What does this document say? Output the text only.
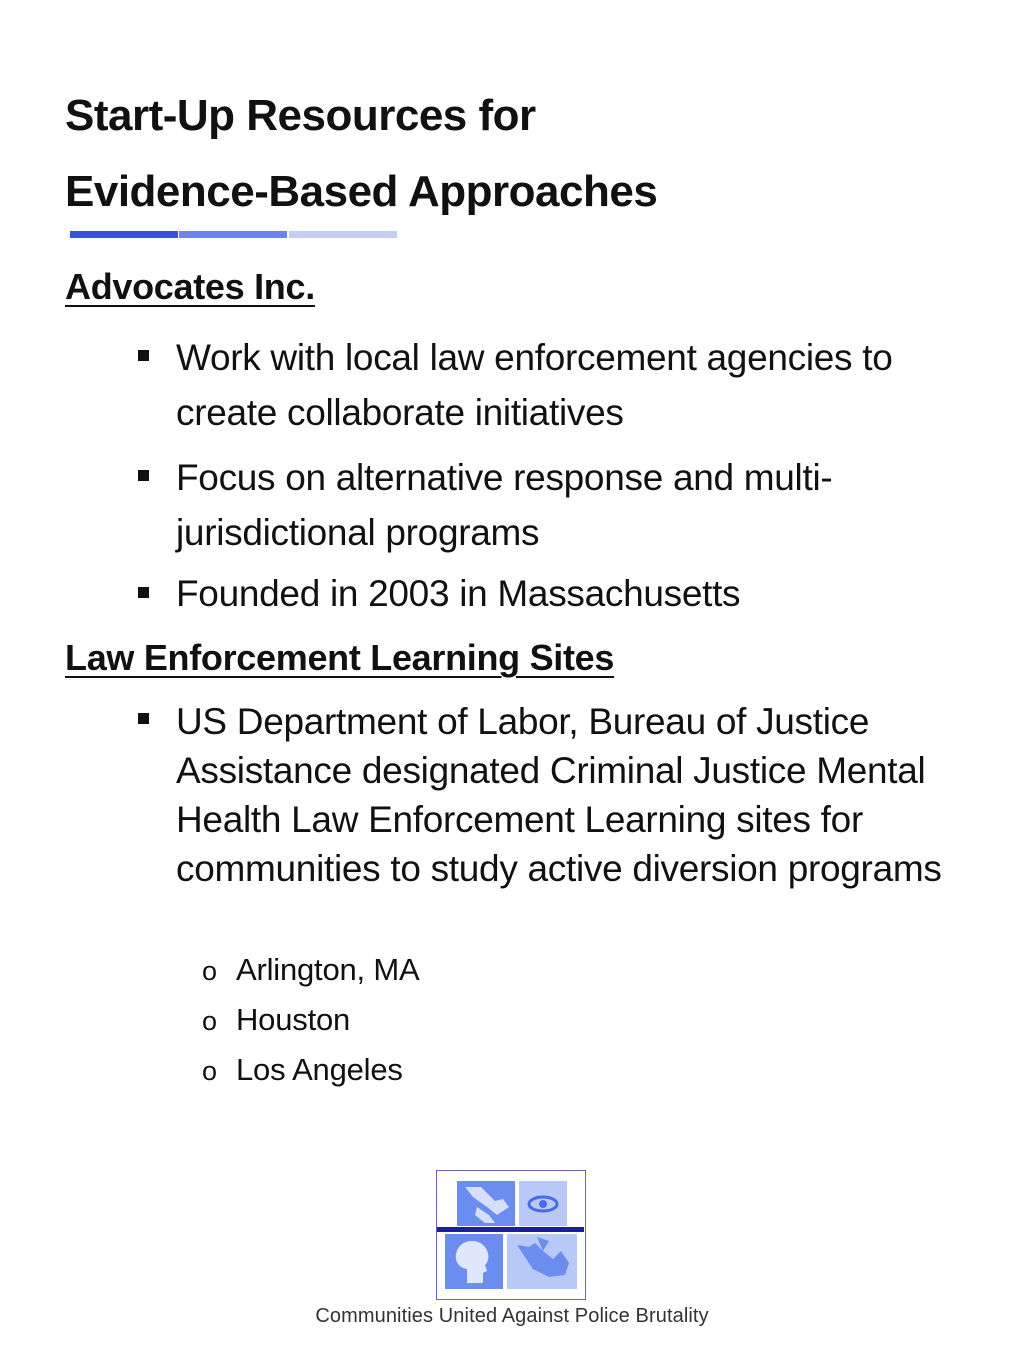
Start-Up Resources for
Evidence-Based Approaches
Advocates Inc.
Work with local law enforcement agencies to create collaborate initiatives
Focus on alternative response and multi-jurisdictional programs
Founded in 2003 in Massachusetts
Law Enforcement Learning Sites
US Department of Labor, Bureau of Justice Assistance designated Criminal Justice Mental Health Law Enforcement Learning sites for communities to study active diversion programs
o Arlington, MA
o Houston
o Los Angeles
Communities United Against Police Brutality
